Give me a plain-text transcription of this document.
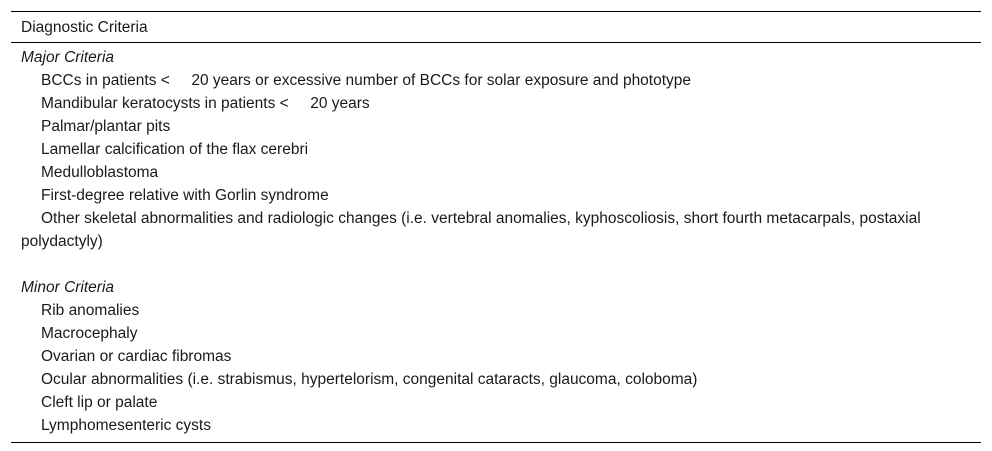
Diagnostic Criteria
Major Criteria
BCCs in patients <     20 years or excessive number of BCCs for solar exposure and phototype
Mandibular keratocysts in patients <     20 years
Palmar/plantar pits
Lamellar calcification of the flax cerebri
Medulloblastoma
First-degree relative with Gorlin syndrome
Other skeletal abnormalities and radiologic changes (i.e. vertebral anomalies, kyphoscoliosis, short fourth metacarpals, postaxial polydactyly)
Minor Criteria
Rib anomalies
Macrocephaly
Ovarian or cardiac fibromas
Ocular abnormalities (i.e. strabismus, hypertelorism, congenital cataracts, glaucoma, coloboma)
Cleft lip or palate
Lymphomesenteric cysts
